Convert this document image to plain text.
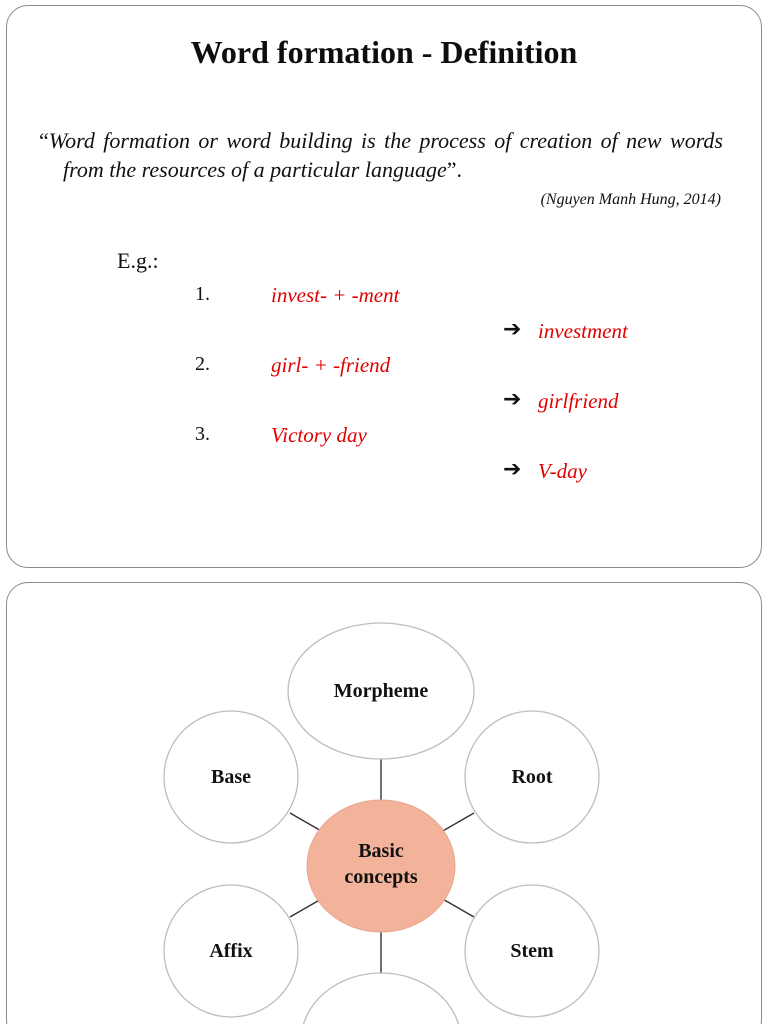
Word formation - Definition
“Word formation or word building is the process of creation of new words from the resources of a particular language”.
(Nguyen Manh Hung, 2014)
E.g.:
1.	invest- + -ment
➔ investment
2.	girl- + -friend
➔ girlfriend
3.	Victory day
➔ V-day
Morpheme
Base	Root
Affix	Stem
Basic
concepts
